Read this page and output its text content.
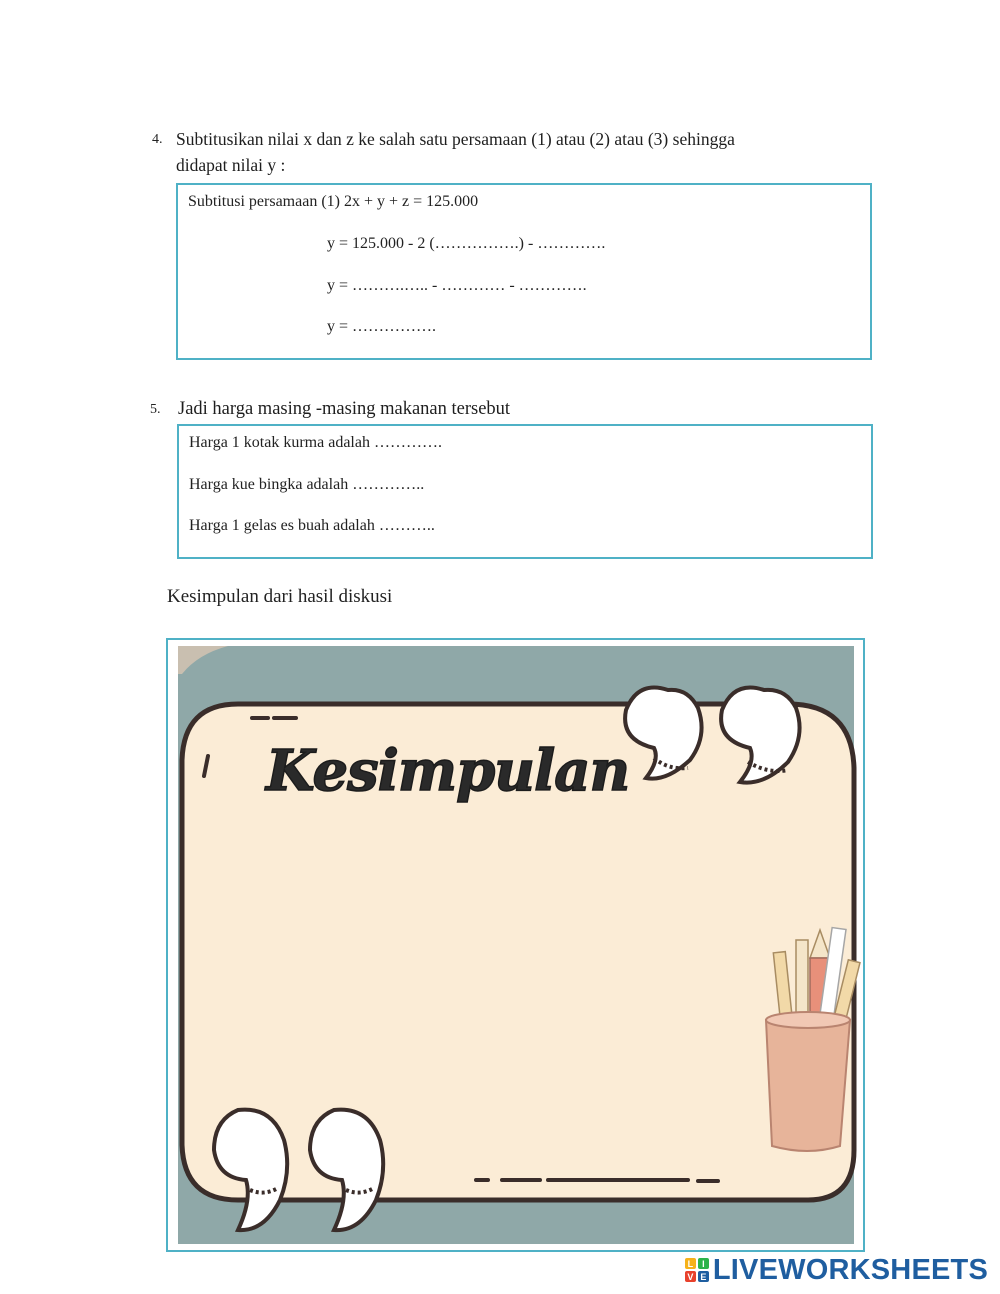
4. Subtitusikan nilai x dan z ke salah satu persamaan (1) atau (2) atau (3) sehingga
didapat nilai y :
Subtitusi persamaan (1) 2x + y + z = 125.000
y = 125.000 - 2 (…………….) - ………….
y = ……….….. - ………… - ………….
y = …………….
5. Jadi harga masing -masing makanan tersebut
Harga 1 kotak kurma adalah ………….
Harga kue bingka adalah …………..
Harga 1 gelas es buah adalah ………..
Kesimpulan dari hasil diskusi
Kesimpulan
L I
V E LIVEWORKSHEETS
